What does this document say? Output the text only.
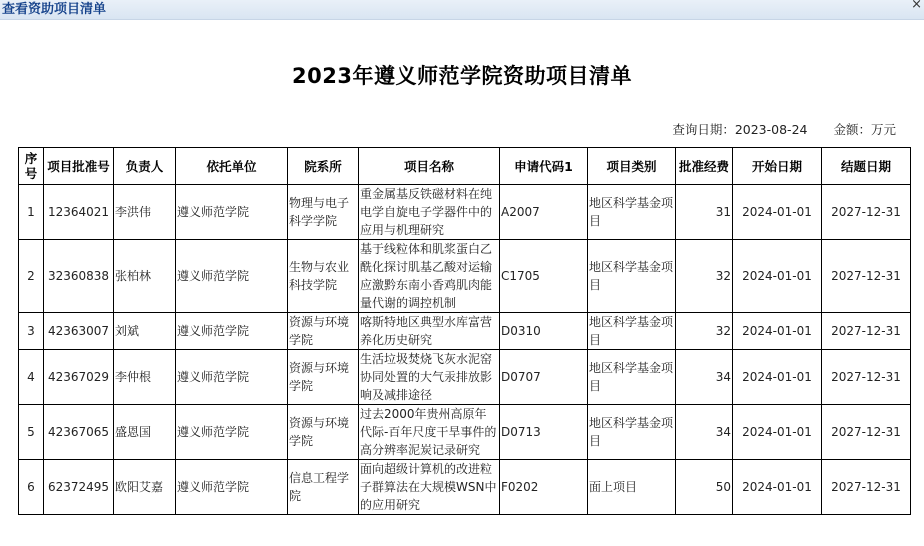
查看资助项目清单	×
2023年遵义师范学院资助项目清单
查询日期：2023-08-24 金额：万元
序号	项目批准号	负责人	依托单位	院系所	项目名称	申请代码1	项目类别	批准经费	开始日期	结题日期
1	12364021	李洪伟	遵义师范学院	物理与电子科学学院	重金属基反铁磁材料在纯电学自旋电子学器件中的应用与机理研究	A2007	地区科学基金项目	31	2024-01-01	2027-12-31
2	32360838	张柏林	遵义师范学院	生物与农业科技学院	基于线粒体和肌浆蛋白乙酰化探讨肌基乙酸对运输应激黔东南小香鸡肌肉能量代谢的调控机制	C1705	地区科学基金项目	32	2024-01-01	2027-12-31
3	42363007	刘斌	遵义师范学院	资源与环境学院	喀斯特地区典型水库富营养化历史研究	D0310	地区科学基金项目	32	2024-01-01	2027-12-31
4	42367029	李仲根	遵义师范学院	资源与环境学院	生活垃圾焚烧飞灰水泥窑协同处置的大气汞排放影响及减排途径	D0707	地区科学基金项目	34	2024-01-01	2027-12-31
5	42367065	盛恩国	遵义师范学院	资源与环境学院	过去2000年贵州高原年代际-百年尺度干旱事件的高分辨率泥炭记录研究	D0713	地区科学基金项目	34	2024-01-01	2027-12-31
6	62372495	欧阳艾嘉	遵义师范学院	信息工程学院	面向超级计算机的改进粒子群算法在大规模WSN中的应用研究	F0202	面上项目	50	2024-01-01	2027-12-31
